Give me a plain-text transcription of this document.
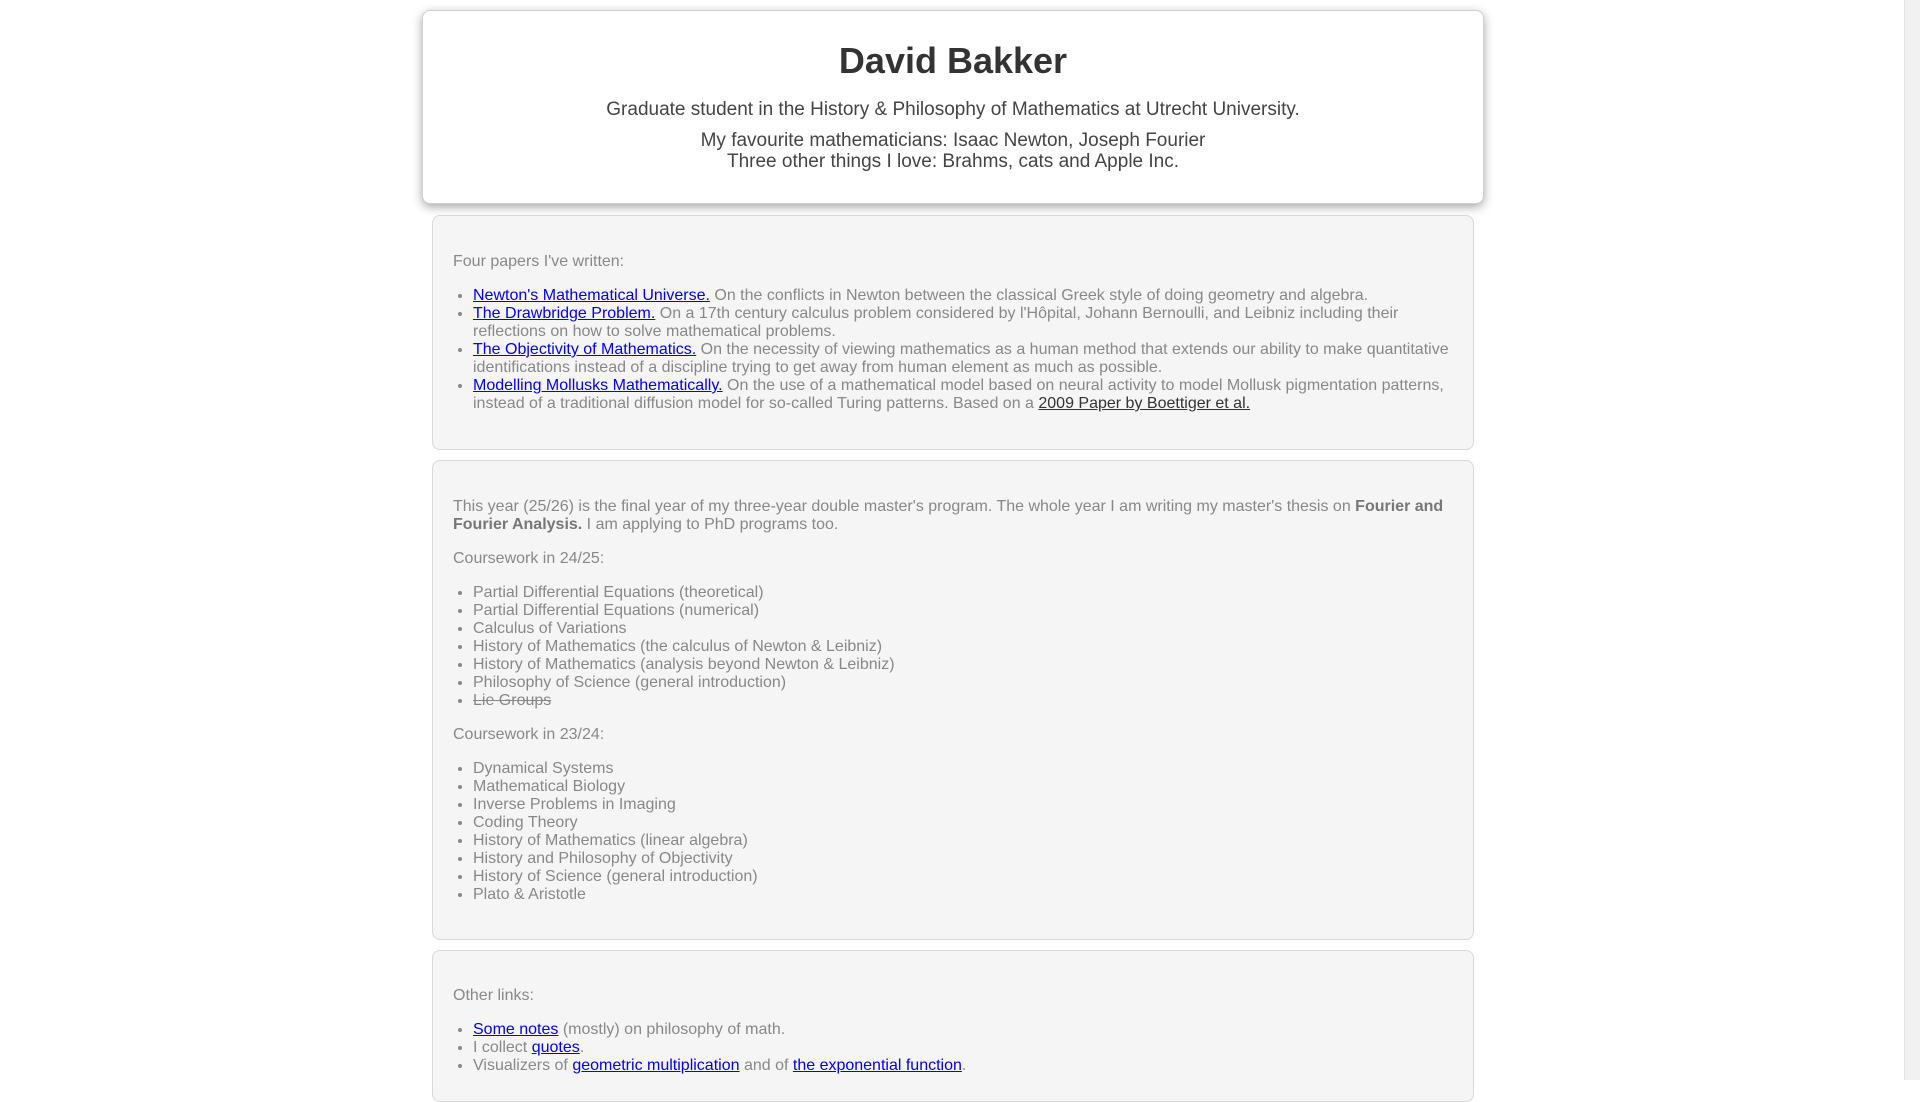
David Bakker
Graduate student in the History & Philosophy of Mathematics at Utrecht University.
My favourite mathematicians: Isaac Newton, Joseph Fourier
Three other things I love: Brahms, cats and Apple Inc.

Four papers I've written:

• Newton's Mathematical Universe. On the conflicts in Newton between the classical Greek style of doing geometry and algebra.
• The Drawbridge Problem. On a 17th century calculus problem considered by l'Hôpital, Johann Bernoulli, and Leibniz including their reflections on how to solve mathematical problems.
• The Objectivity of Mathematics. On the necessity of viewing mathematics as a human method that extends our ability to make quantitative identifications instead of a discipline trying to get away from human element as much as possible.
• Modelling Mollusks Mathematically. On the use of a mathematical model based on neural activity to model Mollusk pigmentation patterns, instead of a traditional diffusion model for so-called Turing patterns. Based on a 2009 Paper by Boettiger et al.

This year (25/26) is the final year of my three-year double master's program. The whole year I am writing my master's thesis on Fourier and Fourier Analysis. I am applying to PhD programs too.

Coursework in 24/25:

• Partial Differential Equations (theoretical)
• Partial Differential Equations (numerical)
• Calculus of Variations
• History of Mathematics (the calculus of Newton & Leibniz)
• History of Mathematics (analysis beyond Newton & Leibniz)
• Philosophy of Science (general introduction)
• Lie Groups

Coursework in 23/24:

• Dynamical Systems
• Mathematical Biology
• Inverse Problems in Imaging
• Coding Theory
• History of Mathematics (linear algebra)
• History and Philosophy of Objectivity
• History of Science (general introduction)
• Plato & Aristotle

Other links:

• Some notes (mostly) on philosophy of math.
• I collect quotes.
• Visualizers of geometric multiplication and of the exponential function.
